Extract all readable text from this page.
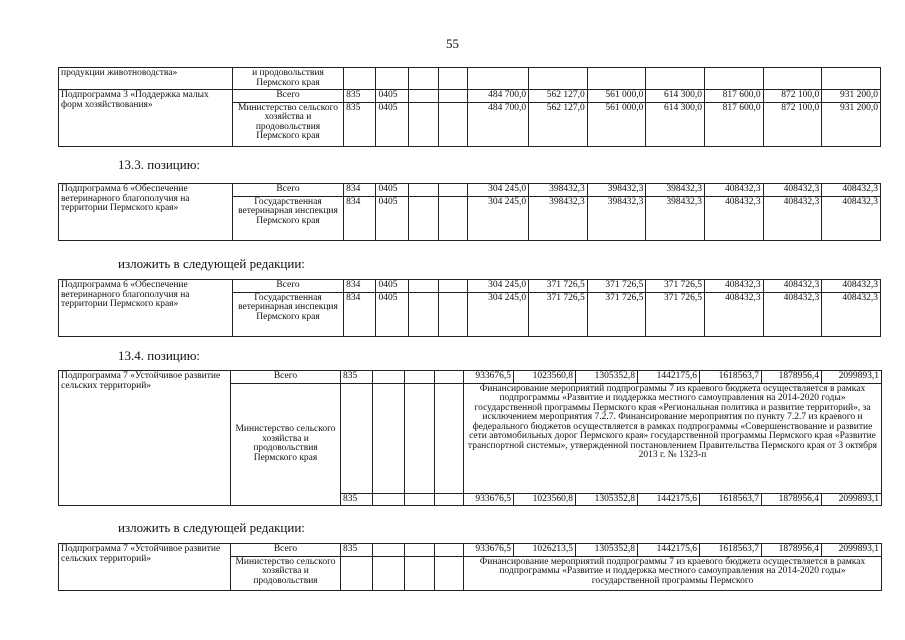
55
продукции животноводства»	и продовольствия Пермского края											
Подпрограмма 3 «Поддержка малых форм хозяйствования»	Всего	835	0405			484 700,0	562 127,0	561 000,0	614 300,0	817 600,0	872 100,0	931 200,0
	Министерство сельского хозяйства и продовольствия Пермского края	835	0405			484 700,0	562 127,0	561 000,0	614 300,0	817 600,0	872 100,0	931 200,0
13.3. позицию:
Подпрограмма 6 «Обеспечение ветеринарного благополучия на территории Пермского края»	Всего	834	0405			304 245,0	398432,3	398432,3	398432,3	408432,3	408432,3	408432,3
	Государственная ветеринарная инспекция Пермского края	834	0405			304 245,0	398432,3	398432,3	398432,3	408432,3	408432,3	408432,3
изложить в следующей редакции:
Подпрограмма 6 «Обеспечение ветеринарного благополучия на территории Пермского края»	Всего	834	0405			304 245,0	371 726,5	371 726,5	371 726,5	408432,3	408432,3	408432,3
	Государственная ветеринарная инспекция Пермского края	834	0405			304 245,0	371 726,5	371 726,5	371 726,5	408432,3	408432,3	408432,3
13.4. позицию:
Подпрограмма 7 «Устойчивое развитие сельских территорий»	Всего	835				933676,5	1023560,8	1305352,8	1442175,6	1618563,7	1878956,4	2099893,1
	Министерство сельского хозяйства и продовольствия Пермского края					Финансирование мероприятий подпрограммы 7 из краевого бюджета осуществляется в рамках подпрограммы «Развитие и поддержка местного самоуправления на 2014-2020 годы» государственной программы Пермского края «Региональная политика и развитие территорий», за исключением мероприятия 7.2.7. Финансирование мероприятия по пункту 7.2.7 из краевого и федерального бюджетов осуществляется в рамках подпрограммы «Совершенствование и развитие сети автомобильных дорог Пермского края» государственной программы Пермского края «Развитие транспортной системы», утвержденной постановлением Правительства Пермского края от 3 октября 2013 г. № 1323-п						
		835				933676,5	1023560,8	1305352,8	1442175,6	1618563,7	1878956,4	2099893,1
изложить в следующей редакции:
Подпрограмма 7 «Устойчивое развитие сельских территорий»	Всего	835				933676,5	1026213,5	1305352,8	1442175,6	1618563,7	1878956,4	2099893,1
	Министерство сельского хозяйства и продовольствия					Финансирование мероприятий подпрограммы 7 из краевого бюджета осуществляется в рамках подпрограммы «Развитие и поддержка местного самоуправления на 2014-2020 годы» государственной программы Пермского						
